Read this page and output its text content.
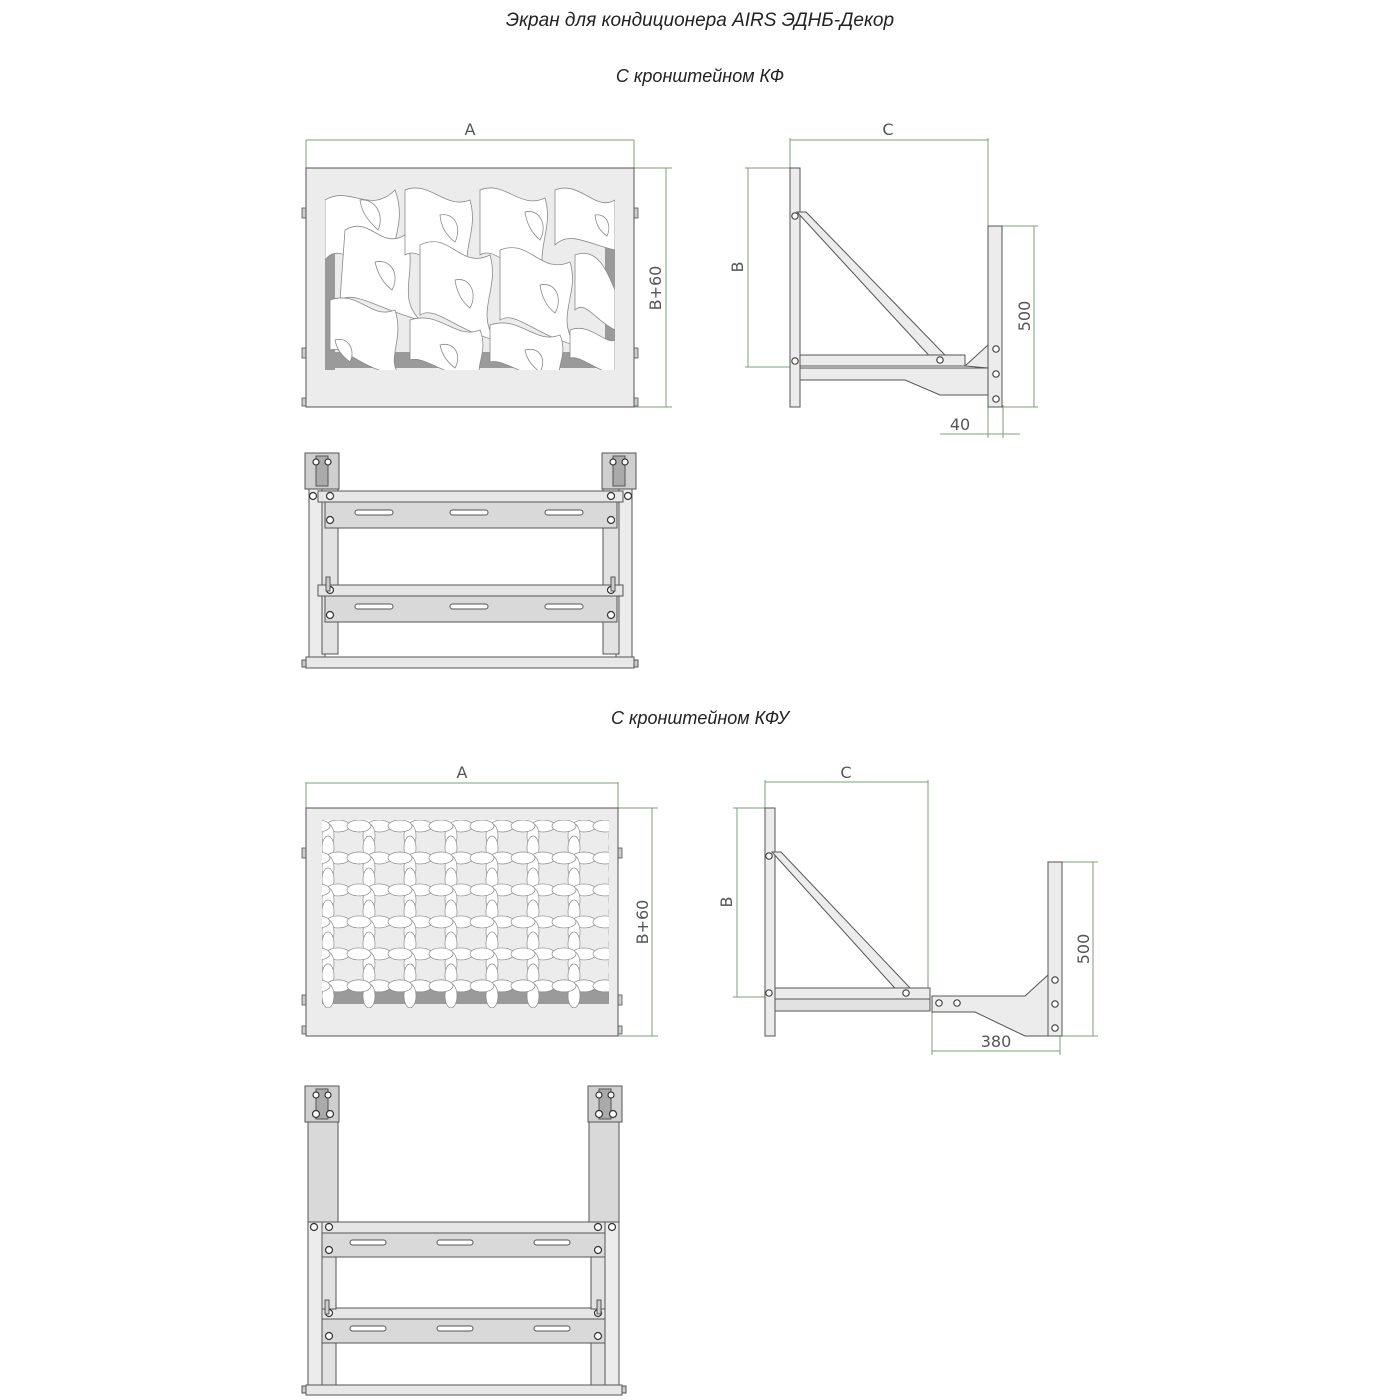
Экран для кондиционера AIRS ЭДНБ-Декор
С кронштейном КФ
С кронштейном КФУ
A
B+60
C
B
500
40
A
B+60
C
B
500
380
